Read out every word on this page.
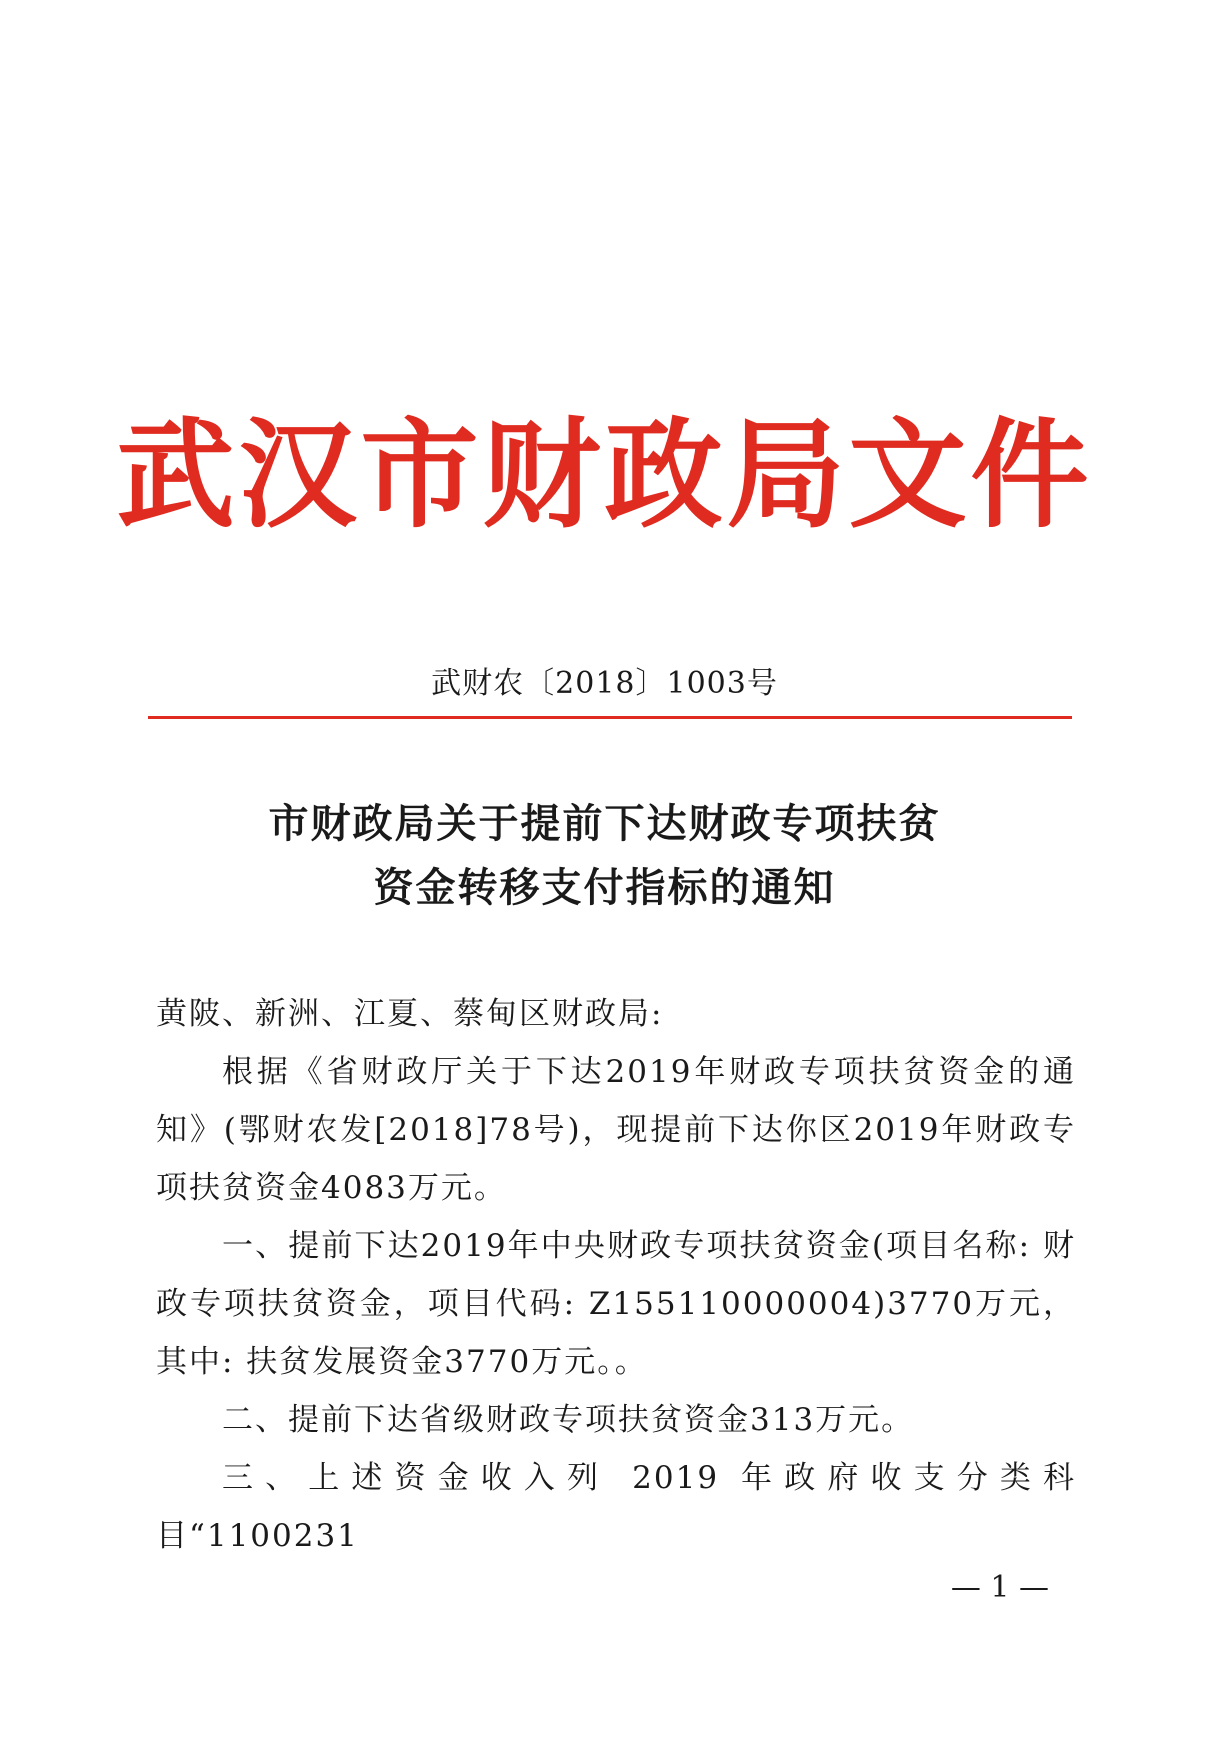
武汉市财政局文件
武财农〔2018〕1003号
市财政局关于提前下达财政专项扶贫
资金转移支付指标的通知

黄陂、新洲、江夏、蔡甸区财政局:

根据《省财政厅关于下达2019年财政专项扶贫资金的通知》(鄂财农发[2018]78号)，现提前下达你区2019年财政专项扶贫资金4083万元。

一、提前下达2019年中央财政专项扶贫资金(项目名称: 财政专项扶贫资金，项目代码: Z155110000004)3770万元，其中: 扶贫发展资金3770万元。。

二、提前下达省级财政专项扶贫资金313万元。

三、上述资金收入列 2019 年政府收支分类科目“1100231

— 1 —
